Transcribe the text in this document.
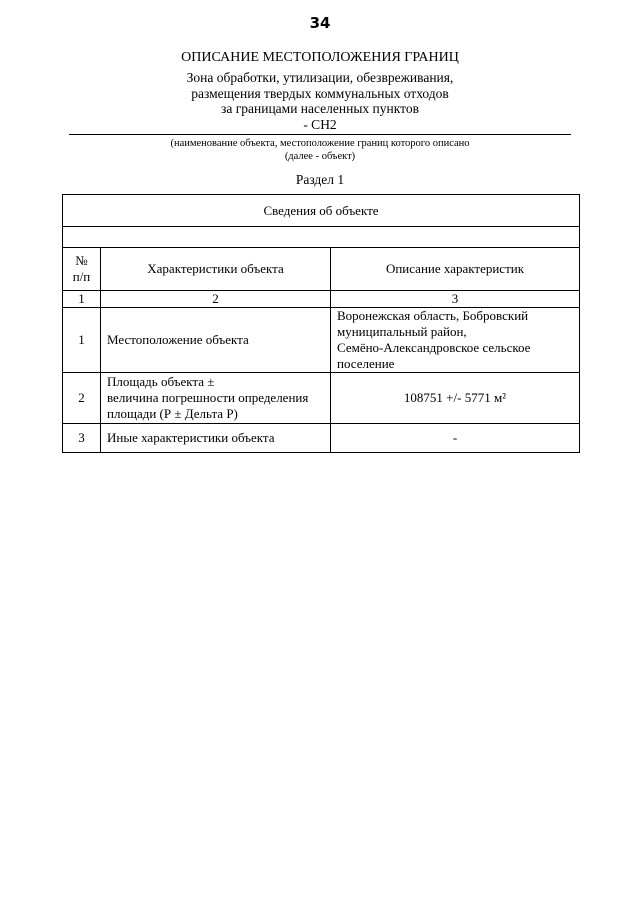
34
ОПИСАНИЕ МЕСТОПОЛОЖЕНИЯ ГРАНИЦ
Зона обработки, утилизации, обезвреживания,
размещения твердых коммунальных отходов
за границами населенных пунктов
- СН2
(наименование объекта, местоположение границ которого описано
(далее - объект)
Раздел 1
Сведения об объекте		

№
п/п	Характеристики объекта	Описание характеристик
1	2	3
1	Местоположение объекта	Воронежская область, Бобровский
муниципальный район,
Семёно-Александровское сельское
поселение

2	Площадь объекта ±
величина погрешности определения
площади (Р ± Дельта Р)	108751 +/- 5771 м²
3	Иные характеристики объекта	-
